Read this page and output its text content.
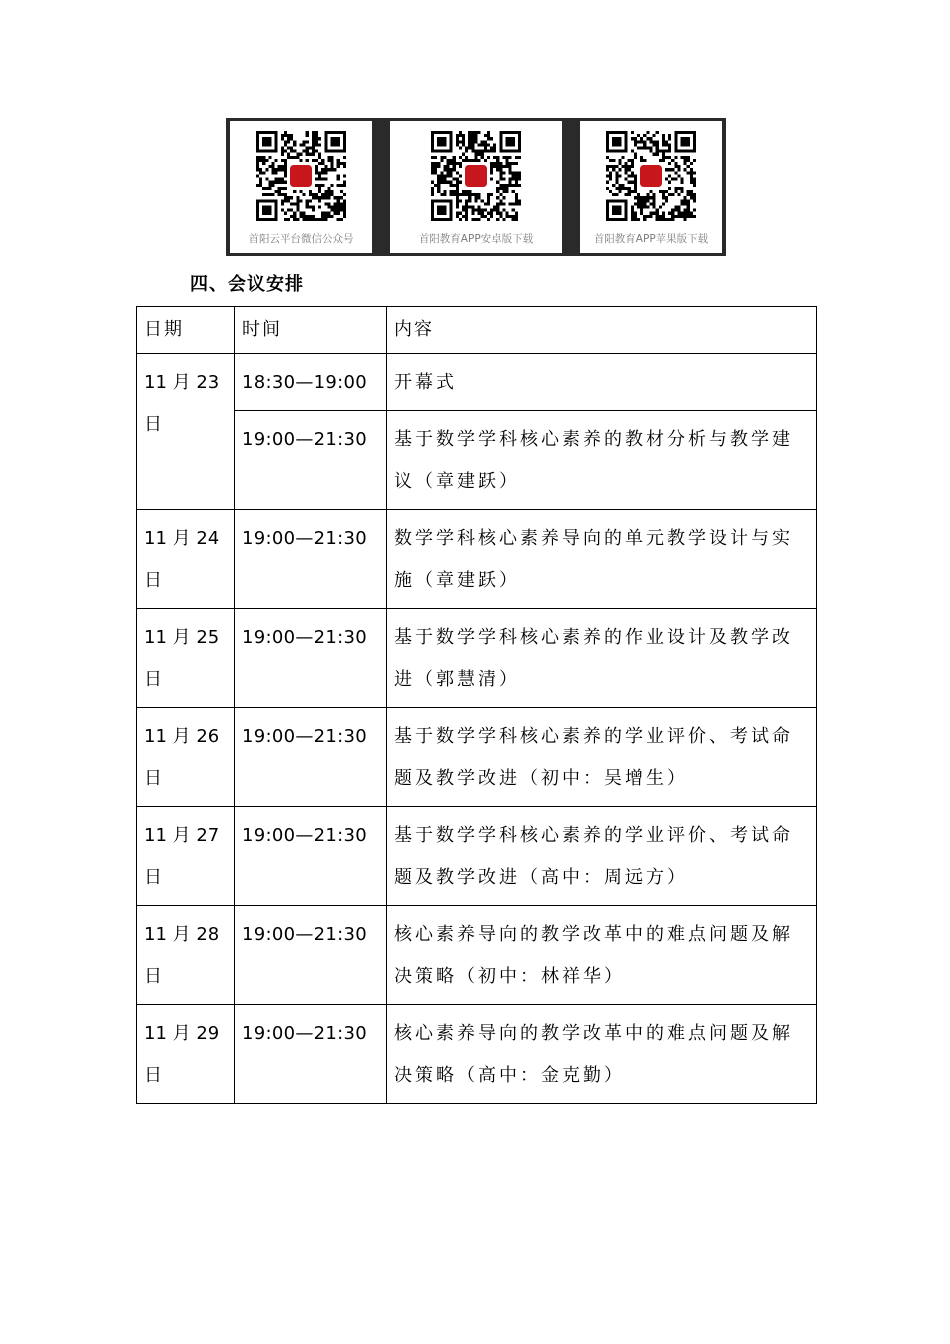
首阳云平台微信公众号	首阳教育APP安卓版下载	首阳教育APP苹果版下载
四、会议安排
日期	时间	内容
11 月 23 日	18:30—19:00	开幕式
	19:00—21:30	基于数学学科核心素养的教材分析与教学建议（章建跃）
11 月 24 日	19:00—21:30	数学学科核心素养导向的单元教学设计与实施（章建跃）
11 月 25 日	19:00—21:30	基于数学学科核心素养的作业设计及教学改进（郭慧清）
11 月 26 日	19:00—21:30	基于数学学科核心素养的学业评价、考试命题及教学改进（初中：吴增生）
11 月 27 日	19:00—21:30	基于数学学科核心素养的学业评价、考试命题及教学改进（高中：周远方）
11 月 28 日	19:00—21:30	核心素养导向的教学改革中的难点问题及解决策略（初中：林祥华）
11 月 29 日	19:00—21:30	核心素养导向的教学改革中的难点问题及解决策略（高中：金克勤）
